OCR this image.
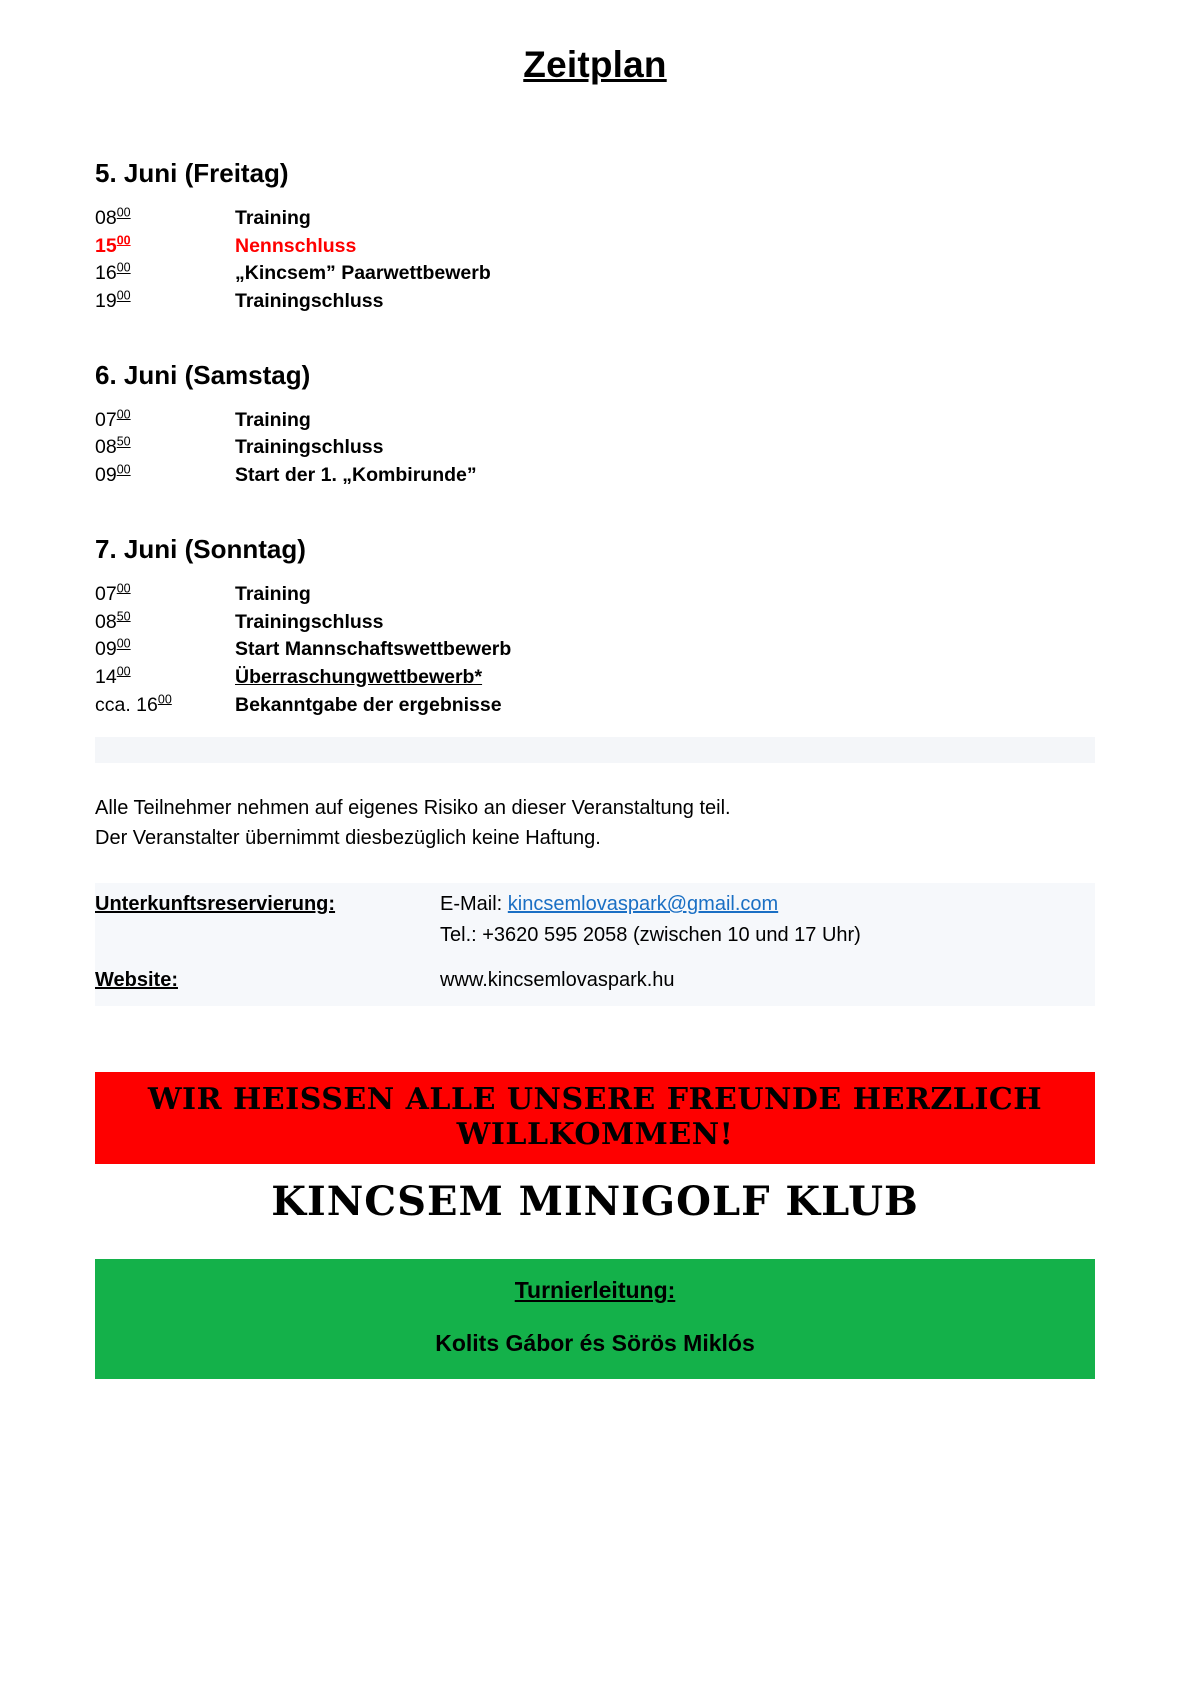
Zeitplan
5. Juni (Freitag)
$08^{00}$	Training
$15^{00}$	Nennschluss
$16^{00}$	„Kincsem” Paarwettbewerb
$19^{00}$	Trainingschluss
6. Juni (Samstag)
$07^{00}$	Training
$08^{50}$	Trainingschluss
$09^{00}$	Start der 1. „Kombirunde”
7. Juni (Sonntag)
$07^{00}$	Training
$08^{50}$	Trainingschluss
$09^{00}$	Start Mannschaftswettbewerb
$14^{00}$	Überraschungwettbewerb*
cca. $16^{00}$	Bekanntgabe der ergebnisse
Alle Teilnehmer nehmen auf eigenes Risiko an dieser Veranstaltung teil.
Der Veranstalter übernimmt diesbezüglich keine Haftung.
Unterkunftsreservierung:	E-Mail: kincsemlovaspark@gmail.com
Tel.: +3620 595 2058 (zwischen 10 und 17 Uhr)
Website:	www.kincsemlovaspark.hu
WIR HEISSEN ALLE UNSERE FREUNDE HERZLICH
WILLKOMMEN!
KINCSEM MINIGOLF KLUB
Turnierleitung:
Kolits Gábor és Sörös Miklós
